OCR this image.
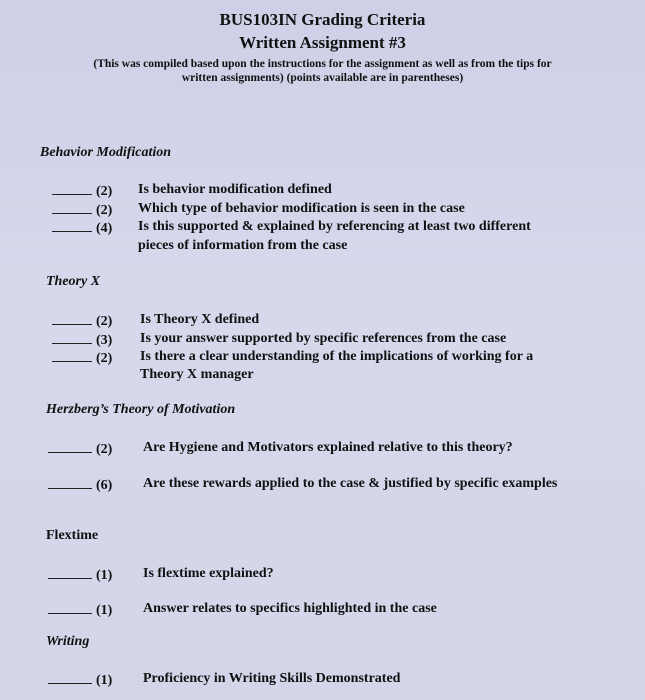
BUS103IN Grading Criteria
Written Assignment #3
(This was compiled based upon the instructions for the assignment as well as from the tips for
written assignments) (points available are in parentheses)
Behavior Modification
(2) Is behavior modification defined
(2) Which type of behavior modification is seen in the case
(4) Is this supported & explained by referencing at least two different
pieces of information from the case
Theory X
(2) Is Theory X defined
(3) Is your answer supported by specific references from the case
(2) Is there a clear understanding of the implications of working for a
Theory X manager
Herzberg’s Theory of Motivation
(2) Are Hygiene and Motivators explained relative to this theory?
(6) Are these rewards applied to the case & justified by specific examples
Flextime
(1) Is flextime explained?
(1) Answer relates to specifics highlighted in the case
Writing
(1) Proficiency in Writing Skills Demonstrated
